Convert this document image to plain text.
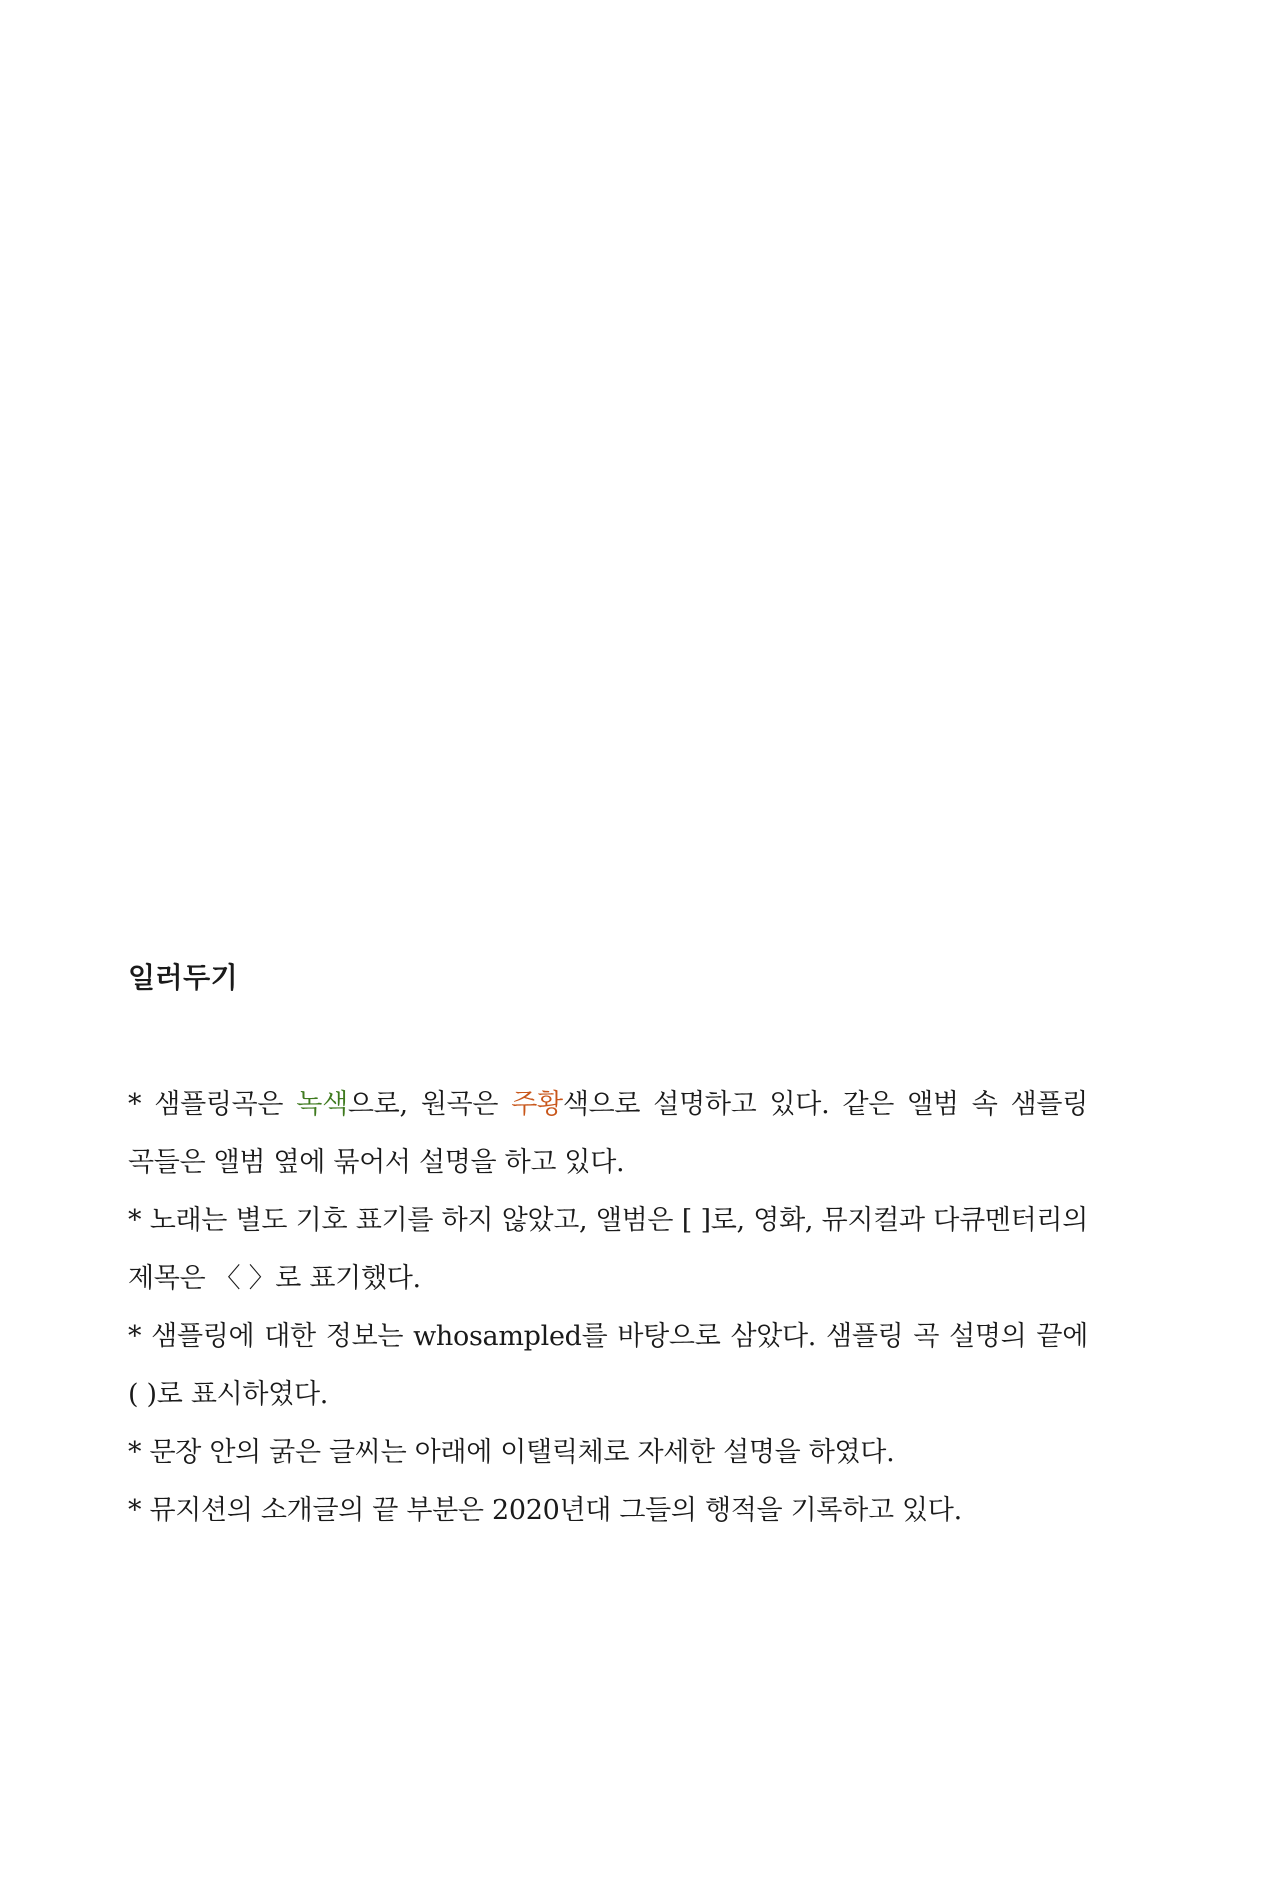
일러두기

* 샘플링곡은 녹색으로, 원곡은 주황색으로 설명하고 있다. 같은 앨범 속 샘플링 곡들은 앨범 옆에 묶어서 설명을 하고 있다.

* 노래는 별도 기호 표기를 하지 않았고, 앨범은 [ ]로, 영화, 뮤지컬과 다큐멘터리의 제목은 〈 〉로 표기했다.

* 샘플링에 대한 정보는 whosampled를 바탕으로 삼았다. 샘플링 곡 설명의 끝에 ( )로 표시하였다.

* 문장 안의 굵은 글씨는 아래에 이탤릭체로 자세한 설명을 하였다.

* 뮤지션의 소개글의 끝 부분은 2020년대 그들의 행적을 기록하고 있다.
